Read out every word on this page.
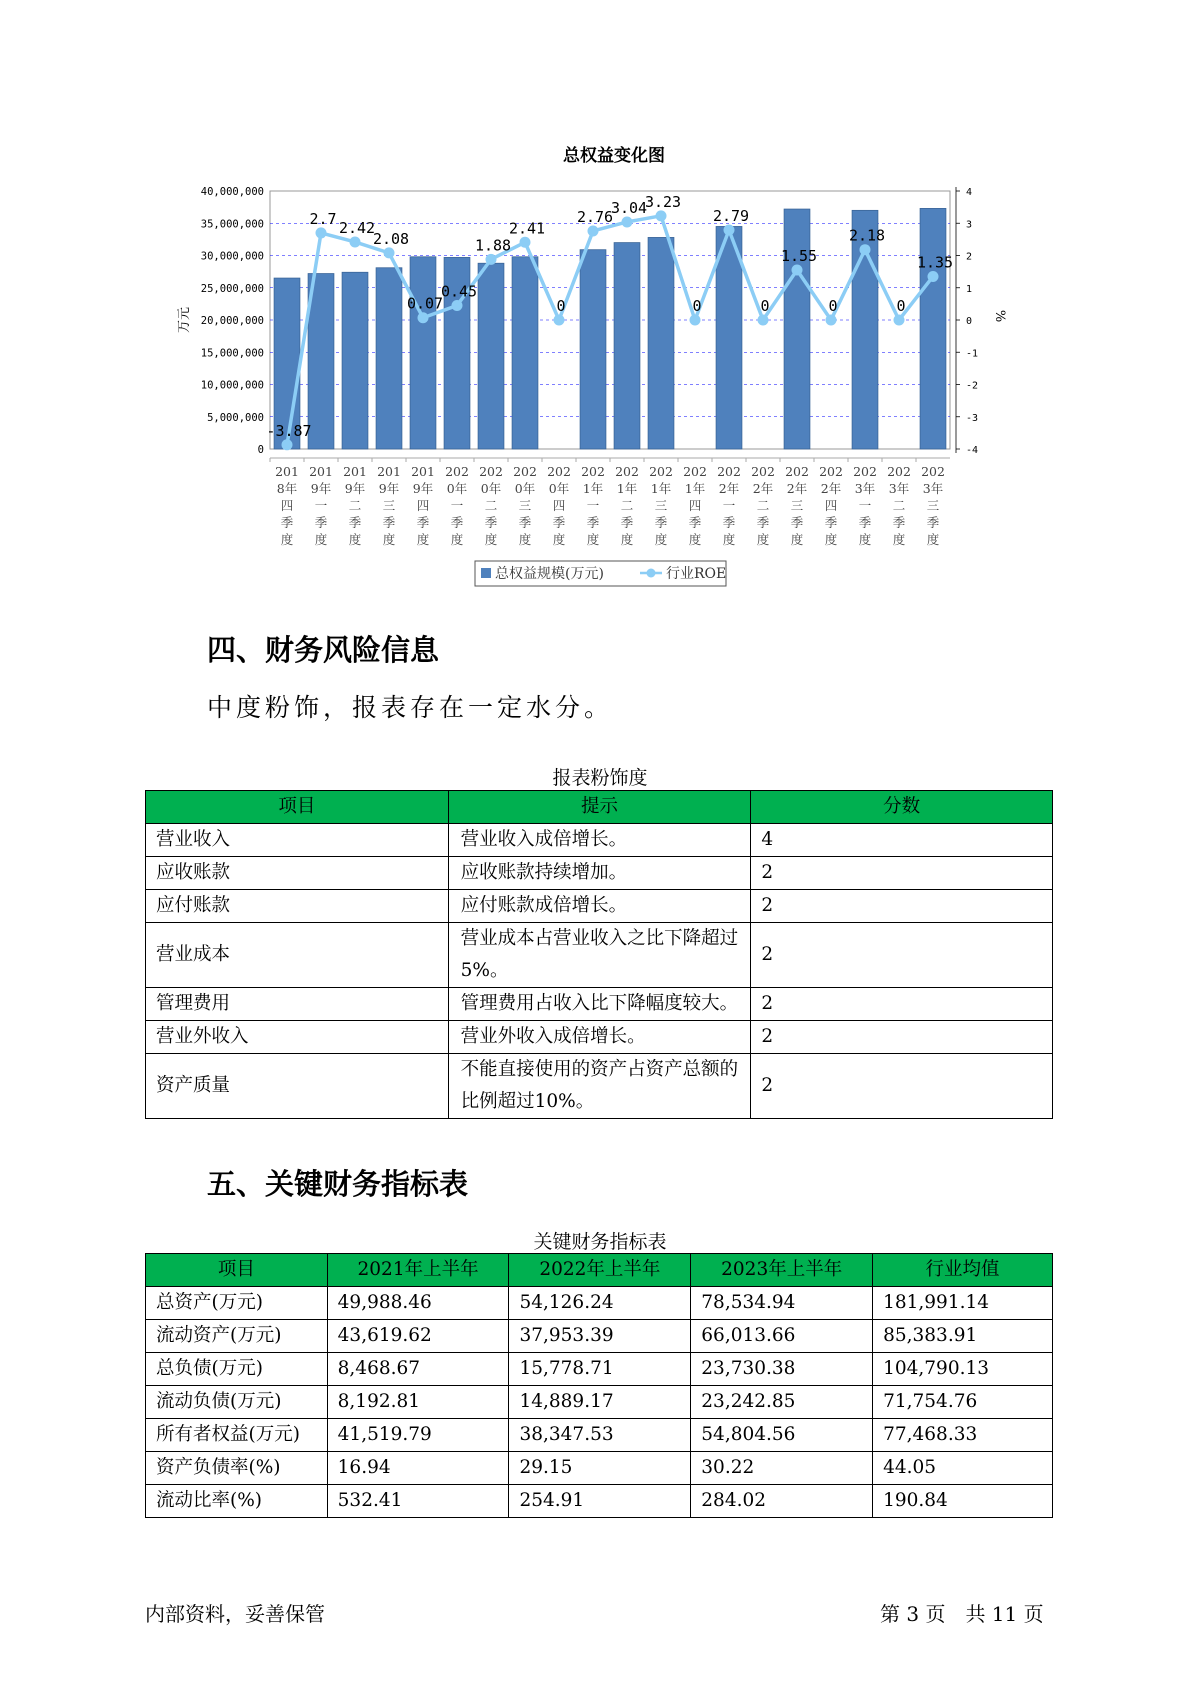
总权益变化图
0
5,000,000
10,000,000
15,000,000
20,000,000
25,000,000
30,000,000
35,000,000
40,000,000
-4
-3
-2
-1
0
1
2
3
4
万元	%
-3.87
2.7
2.42
2.08
0.07
0.45
1.88
2.41
0
2.76
3.04
3.23
0
2.79
0
1.55
0
2.18
0
1.35
201
8年
四
季
度
201
9年
一
季
度
201
9年
二
季
度
201
9年
三
季
度
201
9年
四
季
度
202
0年
一
季
度
202
0年
二
季
度
202
0年
三
季
度
202
0年
四
季
度
202
1年
一
季
度
202
1年
二
季
度
202
1年
三
季
度
202
1年
四
季
度
202
2年
一
季
度
202
2年
二
季
度
202
2年
三
季
度
202
2年
四
季
度
202
3年
一
季
度
202
3年
二
季
度
202
3年
三
季
度
总权益规模(万元)	行业ROE
四、财务风险信息
中度粉饰，报表存在一定水分。
报表粉饰度
项目	提示	分数
营业收入	营业收入成倍增长。	4
应收账款	应收账款持续增加。	2
应付账款	应付账款成倍增长。	2
营业成本	营业成本占营业收入之比下降超过5%。	2
管理费用	管理费用占收入比下降幅度较大。	2
营业外收入	营业外收入成倍增长。	2
资产质量	不能直接使用的资产占资产总额的比例超过10%。	2
五、关键财务指标表
关键财务指标表
项目	2021年上半年	2022年上半年	2023年上半年	行业均值
总资产(万元)	49,988.46	54,126.24	78,534.94	181,991.14
流动资产(万元)	43,619.62	37,953.39	66,013.66	85,383.91
总负债(万元)	8,468.67	15,778.71	23,730.38	104,790.13
流动负债(万元)	8,192.81	14,889.17	23,242.85	71,754.76
所有者权益(万元)	41,519.79	38,347.53	54,804.56	77,468.33
资产负债率(%)	16.94	29.15	30.22	44.05
流动比率(%)	532.41	254.91	284.02	190.84
内部资料，妥善保管	第 3 页　共 11 页
